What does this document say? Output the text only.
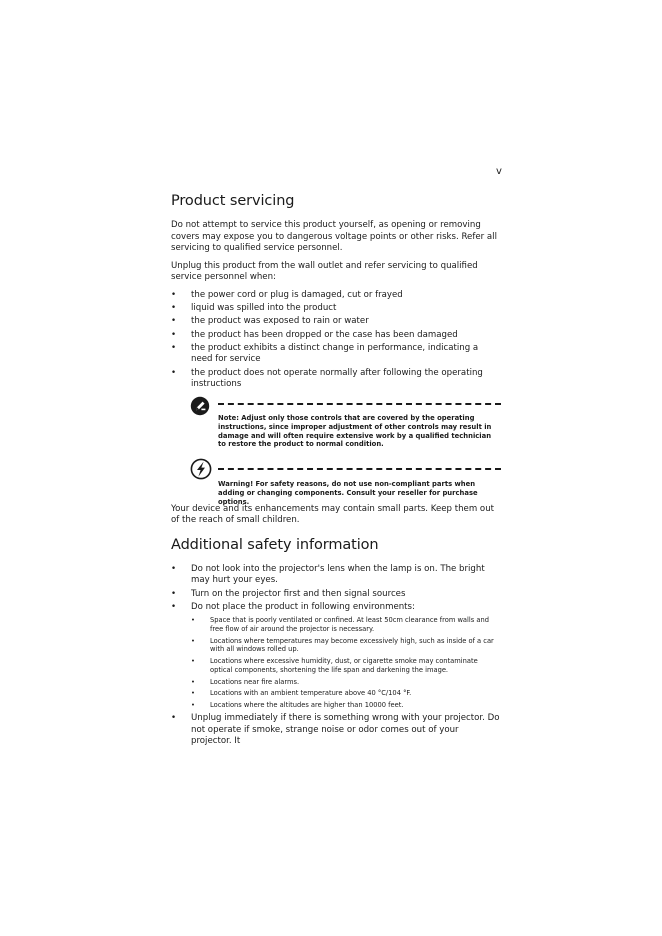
v
Product servicing

Do not attempt to service this product yourself, as opening or removing covers may expose you to dangerous voltage points or other risks. Refer all servicing to qualified service personnel.

Unplug this product from the wall outlet and refer servicing to qualified service personnel when:

• the power cord or plug is damaged, cut or frayed
• liquid was spilled into the product
• the product was exposed to rain or water
• the product has been dropped or the case has been damaged
• the product exhibits a distinct change in performance, indicating a need for service
• the product does not operate normally after following the operating instructions

Note: Adjust only those controls that are covered by the operating instructions, since improper adjustment of other controls may result in damage and will often require extensive work by a qualified technician to restore the product to normal condition.

Warning! For safety reasons, do not use non-compliant parts when adding or changing components. Consult your reseller for purchase options.

Your device and its enhancements may contain small parts. Keep them out of the reach of small children.

Additional safety information
• Do not look into the projector's lens when the lamp is on. The bright may hurt your eyes.
• Turn on the projector first and then signal sources
• Do not place the product in following environments:
• Space that is poorly ventilated or confined. At least 50cm clearance from walls and free flow of air around the projector is necessary.
• Locations where temperatures may become excessively high, such as inside of a car with all windows rolled up.
• Locations where excessive humidity, dust, or cigarette smoke may contaminate optical components, shortening the life span and darkening the image.
• Locations near fire alarms.
• Locations with an ambient temperature above 40 °C/104 °F.
• Locations where the altitudes are higher than 10000 feet.
• Unplug immediately if there is something wrong with your projector. Do not operate if smoke, strange noise or odor comes out of your projector. It
